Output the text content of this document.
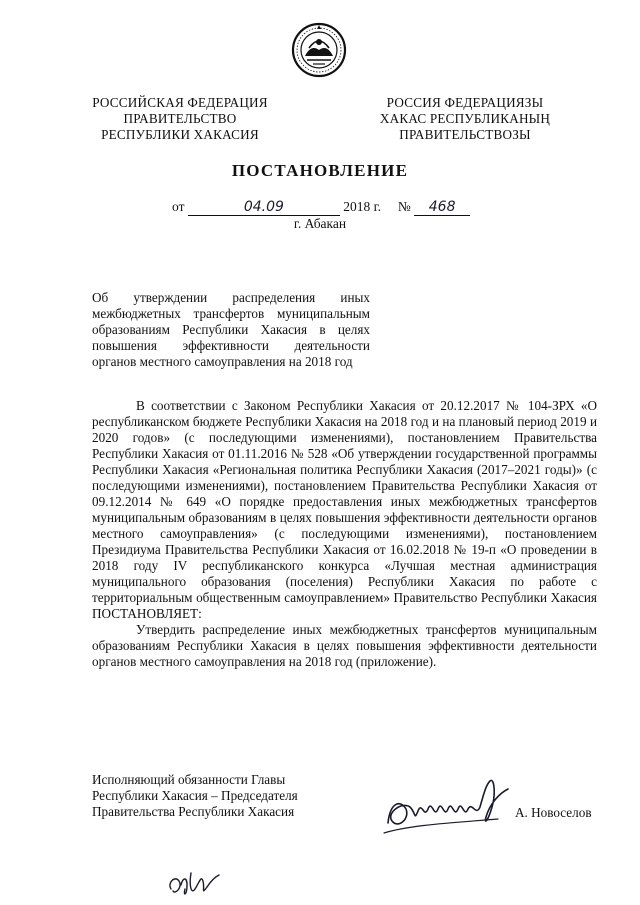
РОССИЙСКАЯ ФЕДЕРАЦИЯ
ПРАВИТЕЛЬСТВО
РЕСПУБЛИКИ ХАКАСИЯ
РОССИЯ ФЕДЕРАЦИЯЗЫ
ХАКАС РЕСПУБЛИКАНЫҢ
ПРАВИТЕЛЬСТВОЗЫ
ПОСТАНОВЛЕНИЕ
от	04.09	2018 г. № 468
г. Абакан
Об утверждении распределения иных
межбюджетных трансфертов муниципальным
образованиям Республики Хакасия в целях
повышения эффективности деятельности
органов местного самоуправления на 2018 год

В соответствии с Законом Республики Хакасия от 20.12.2017 № 104-ЗРХ «О республиканском бюджете Республики Хакасия на 2018 год и на плановый период 2019 и 2020 годов» (с последующими изменениями), постановлением Правительства Республики Хакасия от 01.11.2016 № 528 «Об утверждении государственной программы Республики Хакасия «Региональная политика Республики Хакасия (2017–2021 годы)» (с последующими изменениями), постановлением Правительства Республики Хакасия от 09.12.2014 № 649 «О порядке предоставления иных межбюджетных трансфертов муниципальным образованиям в целях повышения эффективности деятельности органов местного самоуправления» (с последующими изменениями), постановлением Президиума Правительства Республики Хакасия от 16.02.2018 № 19-п «О проведении в 2018 году IV республиканского конкурса «Лучшая местная администрация муниципального образования (поселения) Республики Хакасия по работе с территориальным общественным самоуправлением» Правительство Республики Хакасия ПОСТАНОВЛЯЕТ:

Утвердить распределение иных межбюджетных трансфертов муниципальным образованиям Республики Хакасия в целях повышения эффективности деятельности органов местного самоуправления на 2018 год (приложение).

Исполняющий обязанности Главы
Республики Хакасия – Председателя
Правительства Республики Хакасия	А. Новоселов
